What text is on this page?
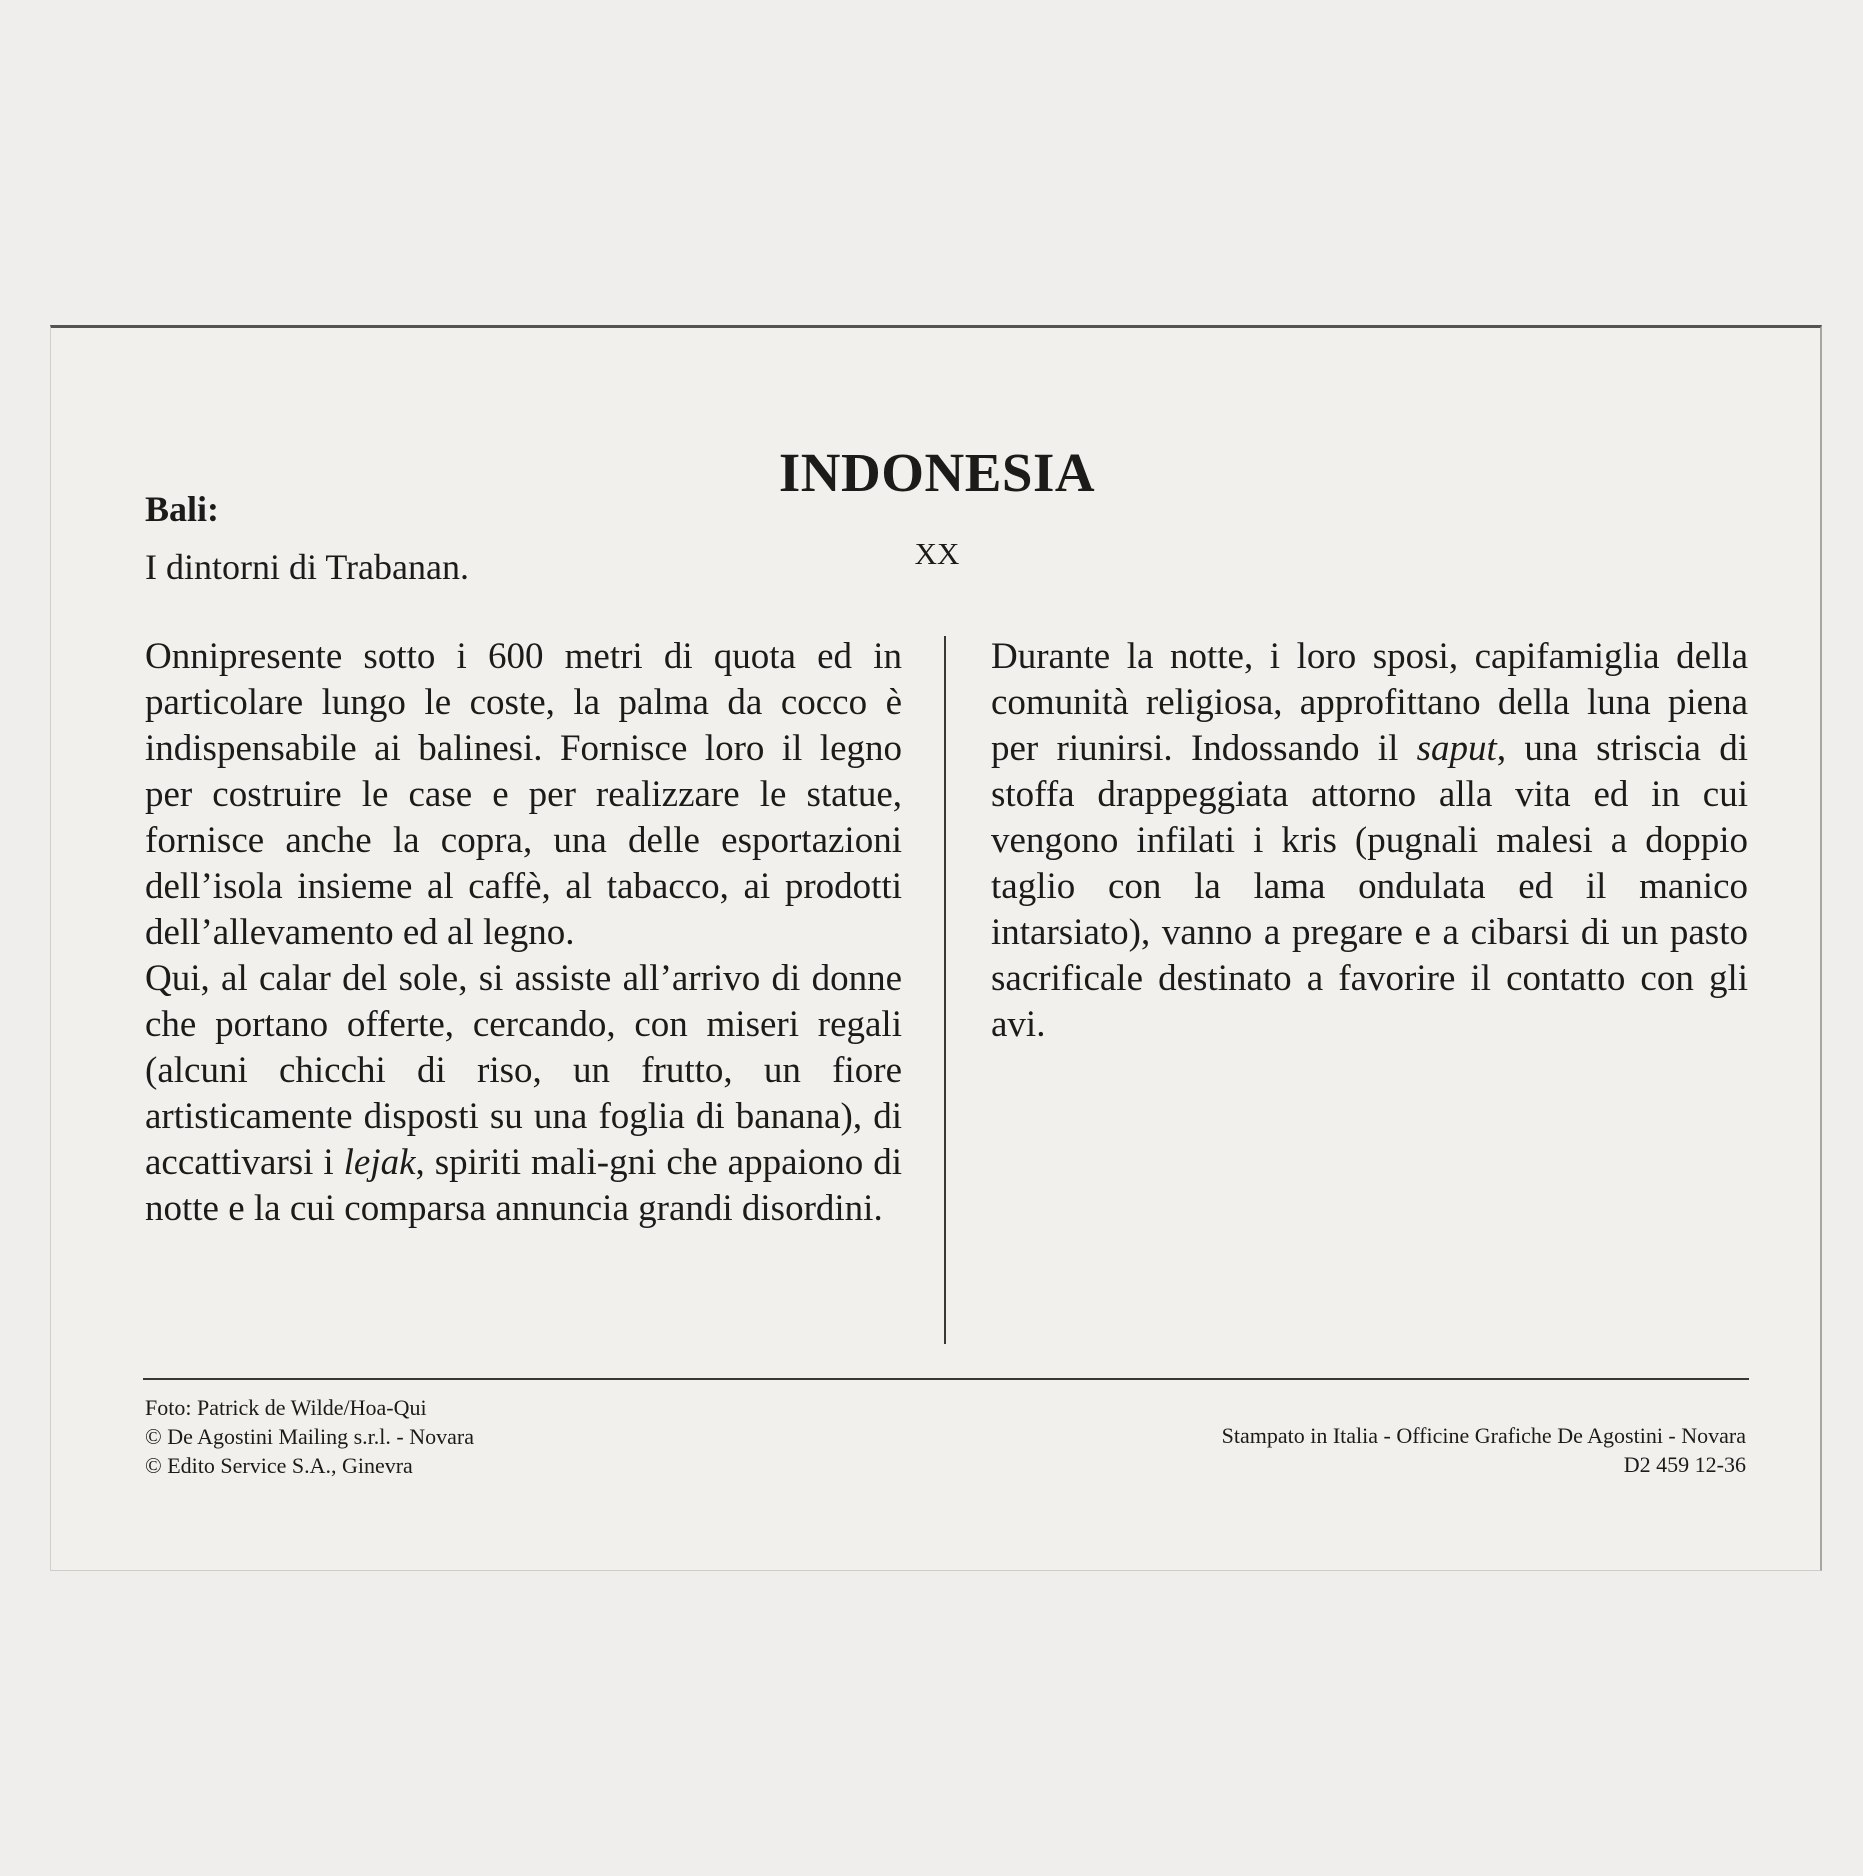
INDONESIA
Bali:
XX
I dintorni di Trabanan.

Onnipresente sotto i 600 metri di quota ed in particolare lungo le coste, la palma da cocco è indispensabile ai balinesi. Fornisce loro il legno per costruire le case e per realizzare le statue, fornisce anche la copra, una delle esportazioni dell’isola insieme al caffè, al tabacco, ai prodotti dell’allevamento ed al legno.

Qui, al calar del sole, si assiste all’arrivo di donne che portano offerte, cercando, con miseri regali (alcuni chicchi di riso, un frutto, un fiore artisticamente disposti su una foglia di banana), di accattivarsi i lejak, spiriti mali-gni che appaiono di notte e la cui comparsa annuncia grandi disordini.

Durante la notte, i loro sposi, capifamiglia della comunità religiosa, approfittano della luna piena per riunirsi. Indossando il saput, una striscia di stoffa drappeggiata attorno alla vita ed in cui vengono infilati i kris (pugnali malesi a doppio taglio con la lama ondulata ed il manico intarsiato), vanno a pregare e a cibarsi di un pasto sacrificale destinato a favorire il contatto con gli avi.

Foto: Patrick de Wilde/Hoa-Qui
© De Agostini Mailing s.r.l. - Novara
© Edito Service S.A., Ginevra
Stampato in Italia - Officine Grafiche De Agostini - Novara
D2 459 12-36
